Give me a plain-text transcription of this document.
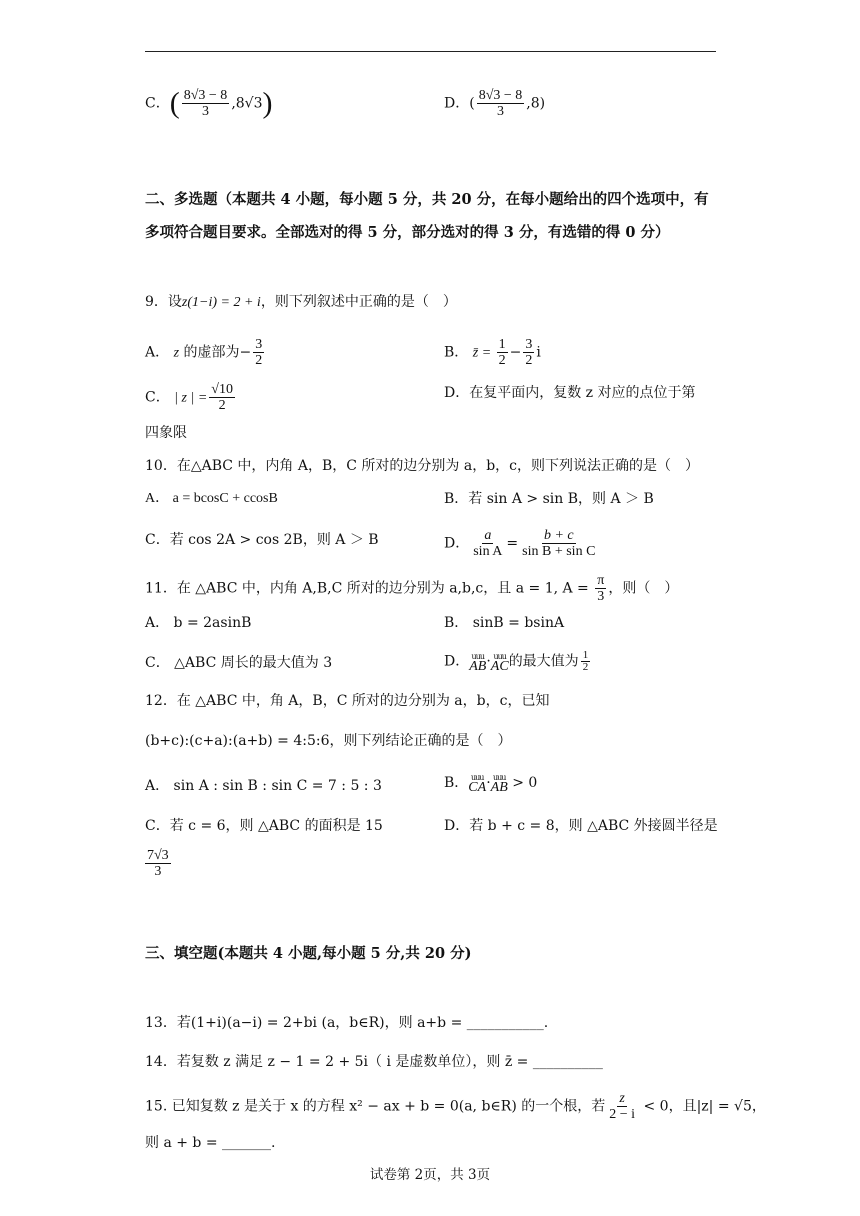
C．( $\frac{8√3 - 8}{3} ,8√3$)	D．( $\frac{8√3 - 8}{3} ,8$)
二、多选题（本题共 4 小题，每小题 5 分，共 20 分，在每小题给出的四个选项中，有
多项符合题目要求。全部选对的得 5 分，部分选对的得 3 分，有选错的得 0 分）
9．设z(1−i) = 2 + i，则下列叙述中正确的是（　）
A． z 的虚部为− $\frac{3}{2}$	B． z̄ = $\frac{1}{2} - \frac{3}{2}$ i
C． | z | = $\frac{√10}{2}$	D．在复平面内，复数 z 对应的点位于第
四象限
10．在△ABC 中，内角 A，B，C 所对的边分别为 a，b，c，则下列说法正确的是（　）
A． a = bcosC + ccosB	B．若 sin A > sin B，则 A ＞ B
C．若 cos 2A > cos 2B，则 A ＞ B	D． $\frac{a}{\text{sin A}} = \frac{b + c}{\text{sin B + sin C}}$
11．在 △ABC 中，内角 A,B,C 所对的边分别为 a,b,c，且 a = 1, $A = \frac{\pi}{3}$ ，则（　）
A． b = 2asinB	B． sinB = bsinA
C． △ABC 周长的最大值为 3	D． uuu
AB · uuu
AC 的最大值为 $\frac{1}{2}$
12．在 △ABC 中，角 A，B，C 所对的边分别为 a，b，c，已知
(b+c):(c+a):(a+b) = 4:5:6，则下列结论正确的是（　）
A． sin A : sin B : sin C = 7 : 5 : 3	B． uuu
CA · uuu
AB > 0
C．若 c = 6，则 △ABC 的面积是 15	D．若 b + c = 8，则 △ABC 外接圆半径是
$\frac{7√3}{3}$
三、填空题(本题共 4 小题,每小题 5 分,共 20 分)
13．若(1+i)(a−i) = 2+bi (a，b∈R)，则 a+b = ___________.
14．若复数 z 满足 z − 1 = 2 + 5i（ i 是虚数单位），则 z̄ = __________
15. 已知复数 z 是关于 x 的方程 x² − ax + b = 0(a, b∈R) 的一个根，若 $\frac{z}{2 - i} < 0$，且|z| = √5，
则 a + b = _______.
试卷第 2页，共 3页
